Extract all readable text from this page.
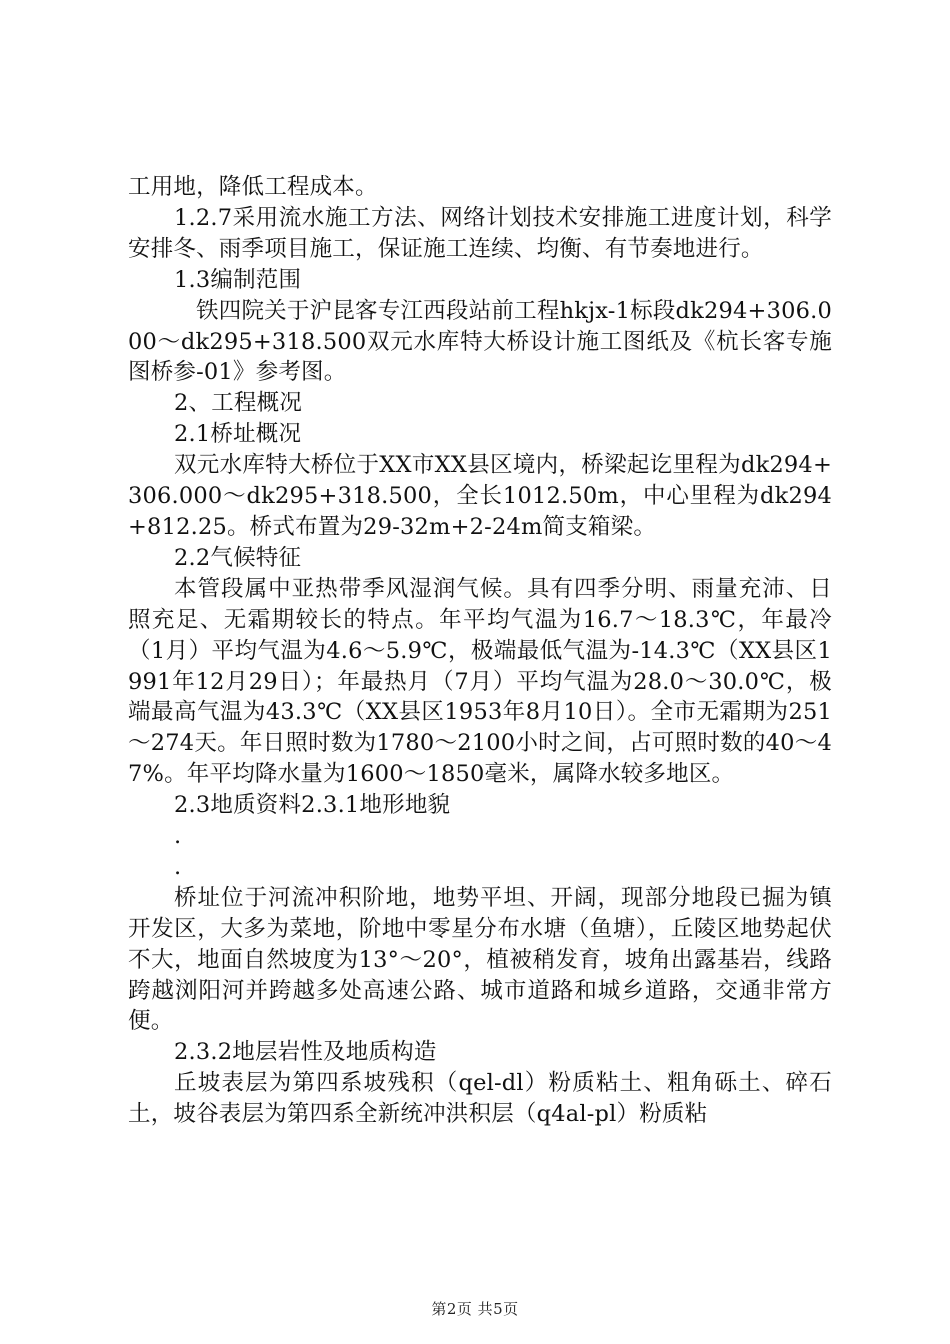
工用地，降低工程成本。

1.2.7采用流水施工方法、网络计划技术安排施工进度计划，科学安排冬、雨季项目施工，保证施工连续、均衡、有节奏地进行。

1.3编制范围

铁四院关于沪昆客专江西段站前工程hkjx-1标段dk294+306.000～dk295+318.500双元水库特大桥设计施工图纸及《杭长客专施图桥参-01》参考图。

2、工程概况

2.1桥址概况

双元水库特大桥位于XX市XX县区境内，桥梁起讫里程为dk294+306.000～dk295+318.500，全长1012.50m，中心里程为dk294+812.25。桥式布置为29-32m+2-24m简支箱梁。

2.2气候特征

本管段属中亚热带季风湿润气候。具有四季分明、雨量充沛、日照充足、无霜期较长的特点。年平均气温为16.7～18.3℃，年最冷（1月）平均气温为4.6～5.9℃，极端最低气温为-14.3℃（XX县区1991年12月29日）；年最热月（7月）平均气温为28.0～30.0℃，极端最高气温为43.3℃（XX县区1953年8月10日）。全市无霜期为251～274天。年日照时数为1780～2100小时之间，占可照时数的40～47%。年平均降水量为1600～1850毫米，属降水较多地区。

2.3地质资料2.3.1地形地貌

.

.

桥址位于河流冲积阶地，地势平坦、开阔，现部分地段已掘为镇开发区，大多为菜地，阶地中零星分布水塘（鱼塘），丘陵区地势起伏不大，地面自然坡度为13°～20°，植被稍发育，坡角出露基岩，线路跨越浏阳河并跨越多处高速公路、城市道路和城乡道路，交通非常方便。

2.3.2地层岩性及地质构造

丘坡表层为第四系坡残积（qel-dl）粉质粘土、粗角砾土、碎石土，坡谷表层为第四系全新统冲洪积层（q4al-pl）粉质粘

第2页 共5页
